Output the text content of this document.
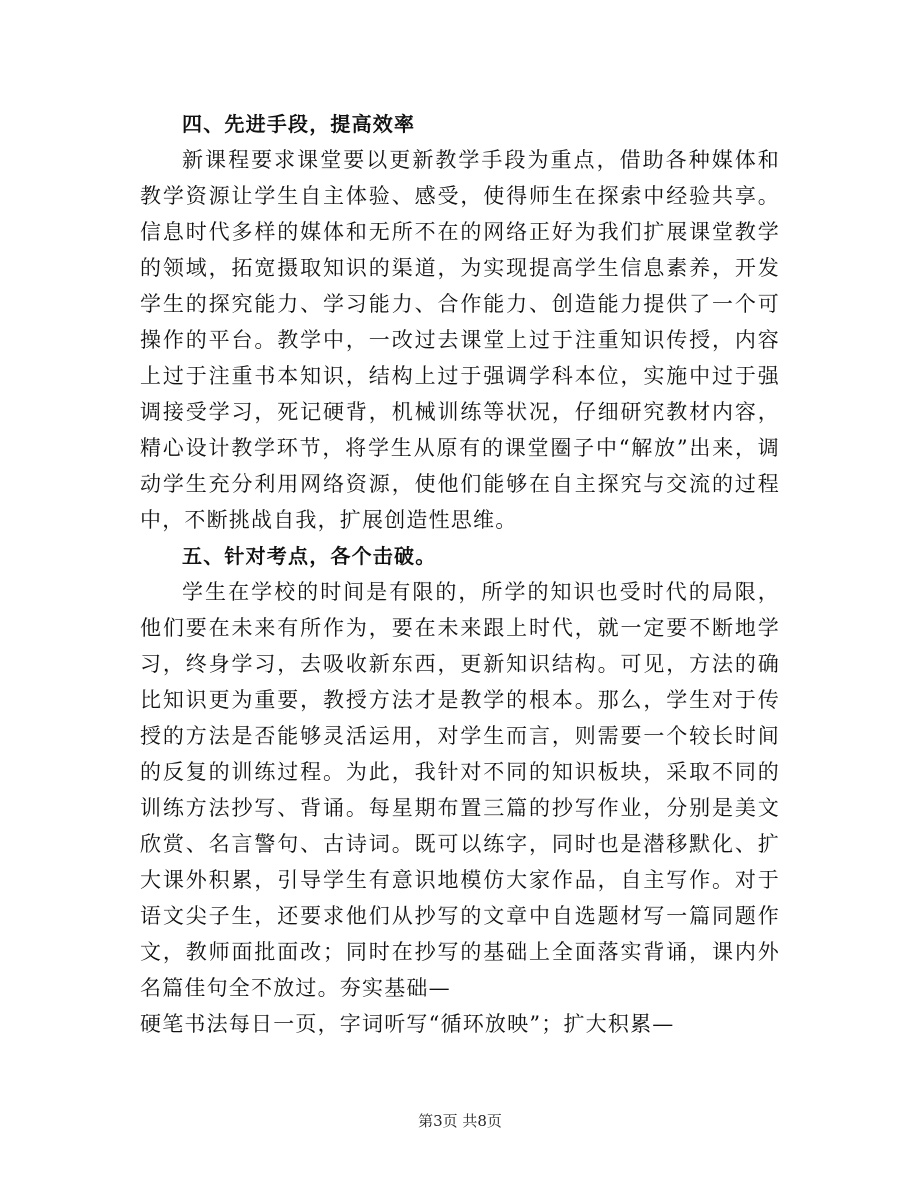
四、先进手段，提高效率

新课程要求课堂要以更新教学手段为重点，借助各种媒体和教学资源让学生自主体验、感受，使得师生在探索中经验共享。信息时代多样的媒体和无所不在的网络正好为我们扩展课堂教学的领域，拓宽摄取知识的渠道，为实现提高学生信息素养，开发学生的探究能力、学习能力、合作能力、创造能力提供了一个可操作的平台。教学中，一改过去课堂上过于注重知识传授，内容上过于注重书本知识，结构上过于强调学科本位，实施中过于强调接受学习，死记硬背，机械训练等状况，仔细研究教材内容，精心设计教学环节，将学生从原有的课堂圈子中“解放”出来，调动学生充分利用网络资源，使他们能够在自主探究与交流的过程中，不断挑战自我，扩展创造性思维。

五、针对考点，各个击破。

学生在学校的时间是有限的，所学的知识也受时代的局限，他们要在未来有所作为，要在未来跟上时代，就一定要不断地学习，终身学习，去吸收新东西，更新知识结构。可见，方法的确比知识更为重要，教授方法才是教学的根本。那么，学生对于传授的方法是否能够灵活运用，对学生而言，则需要一个较长时间的反复的训练过程。为此，我针对不同的知识板块，采取不同的训练方法抄写、背诵。每星期布置三篇的抄写作业，分别是美文欣赏、名言警句、古诗词。既可以练字，同时也是潜移默化、扩大课外积累，引导学生有意识地模仿大家作品，自主写作。对于语文尖子生，还要求他们从抄写的文章中自选题材写一篇同题作文，教师面批面改；同时在抄写的基础上全面落实背诵，课内外名篇佳句全不放过。夯实基础—

硬笔书法每日一页，字词听写“循环放映”；扩大积累—

第3页 共8页
